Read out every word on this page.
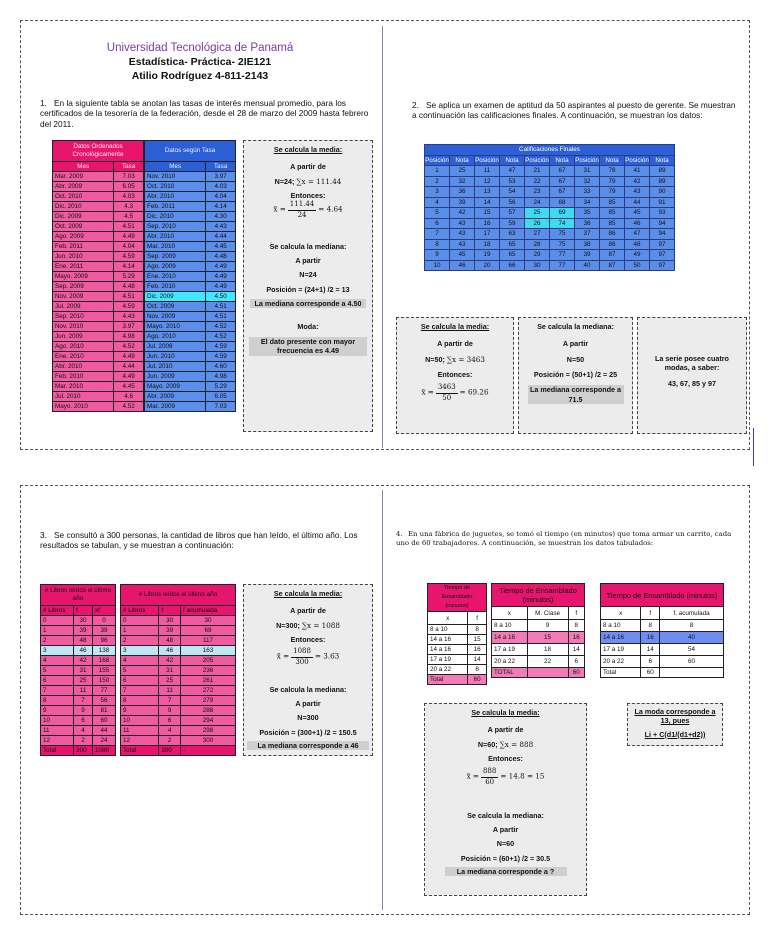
Universidad Tecnológica de Panamá
Estadística- Práctica- 2IE121
Atilio Rodríguez 4-811-2143
1. En la siguiente tabla se anotan las tasas de interés mensual promedio, para los certificados de la tesorería de la federación, desde el 28 de marzo del 2009 hasta febrero del 2011.
Datos Ordenados Cronológicamente	
Mes	Tasa
Mar. 2009	7.03
Abr. 2009	6.05
Oct. 2010	4.03
Dic. 2010	4.3
Dic. 2009	4.5
Oct. 2009	4.51
Ago. 2009	4.49
Feb. 2011	4.04
Jun. 2010	4.59
Ene. 2011	4.14
Mayo. 2009	5.29
Sep. 2009	4.48
Nov. 2009	4.51
Jul. 2009	4.59
Sep. 2010	4.43
Nov. 2010	3.97
Jun. 2009	4.98
Ago. 2010	4.52
Ene. 2010	4.49
Abr. 2010	4.44
Feb. 2010	4.49
Mar. 2010	4.45
Jul. 2010	4.6
Mayo. 2010	4.52
Datos según Tasa	
Mes	Tasa
Nov. 2010	3.97
Oct. 2010	4.03
Abr. 2010	4.04
Feb. 2011	4.14
Dic. 2010	4.30
Sep. 2010	4.43
Abr. 2010	4.44
Mar. 2010	4.45
Sep. 2009	4.48
Ago. 2009	4.49
Ene. 2010	4.49
Feb. 2010	4.49
Dic. 2009	4.50
Oct. 2009	4.51
Nov. 2009	4.51
Mayo. 2010	4.52
Ago. 2010	4.52
Jul. 2009	4.59
Jun. 2010	4.59
Jul. 2010	4.60
Jun. 2009	4.98
Mayo. 2009	5.29
Abr. 2009	6.05
Mar. 2009	7.03
Se calcula la media:
A partir de
N=24; ∑x = 111.44
Entonces:
x̄ = $\frac{111.44}{24} = 4.64$
Se calcula la mediana:
A partir
N=24
Posición = (24+1) /2 = 13
La mediana corresponde a 4.50
Moda:
El dato presente con mayor frecuencia es 4.49
2. Se aplica un examen de aptitud da 50 aspirantes al puesto de gerente. Se muestran a continuación las calificaciones finales. A continuación, se muestran los datos:
Calificaciones Finales									
Posición	Nota	Posición	Nota	Posición	Nota	Posición	Nota	Posición	Nota
1	25	11	47	21	67	31	78	41	89
2	32	12	53	22	67	32	79	42	89
3	36	13	54	23	67	33	79	43	90
4	39	14	56	24	68	34	85	44	91
5	42	15	57	25	69	35	85	45	93
6	43	16	59	26	74	36	85	46	94
7	43	17	63	27	75	37	86	47	94
8	43	18	65	28	75	38	86	48	97
9	45	19	65	29	77	39	87	49	97
10	46	20	66	30	77	40	87	50	97
Se calcula la media:
A partir de
N=50; ∑x = 3463
Entonces:
x̄ = $\frac{3463}{50} = 69.26$
Se calcula la mediana:
A partir
N=50
Posición = (50+1) /2 = 25
La mediana corresponde a 71.5
La serie posee cuatro modas, a saber:
43, 67, 85 y 97
3. Se consultó a 300 personas, la cantidad de libros que han leído, el último año. Los resultados se tabulan, y se muestran a continuación:
# Libros leídos el último año		
# Libros	f	xf
0	30	0
1	39	39
2	48	96
3	46	138
4	42	168
5	31	155
6	25	150
7	11	77
8	7	56
9	9	81
10	6	60
11	4	44
12	2	24
Total	300	1088
# Libros leídos el último año		
# Libros	f	f acumulada
0	30	30
1	39	69
2	48	117
3	46	163
4	42	205
5	31	236
6	25	261
7	11	272
8	7	279
9	9	288
10	6	294
11	4	298
12	2	300
Total	300	-
Se calcula la media:
A partir de
N=300; ∑x = 1088
Entonces:
x̄ = $\frac{1088}{300} = 3.63$
Se calcula la mediana:
A partir
N=300
Posición = (300+1) /2 = 150.5
La mediana corresponde a 46
4. En una fábrica de juguetes, se tomó el tiempo (en minutos) que toma armar un carrito, cada uno de 60 trabajadores. A continuación, se muestran los datos tabulados:
Tiempo de Ensamblado (minutos)	
x	f
8 a 10	8
14 a 16	15
14 a 16	16
17 a 19	14
20 a 22	6
Total	60
Tiempo de Ensamblado (minutos)		
x	M. Clase	f
8 a 10	9	8
14 a 16	15	16
17 a 19	18	14
20 a 22	22	6
TOTAL		60
Tiempo de Ensamblado (minutos)		
x	f	f. acumulada
8 a 10	8	8
14 a 16	16	40
17 a 19	14	54
20 a 22	6	60
Total	60	
Se calcula la media:
A partir de
N=60; ∑x = 888
Entonces:
x̄ = $\frac{888}{60} = 14.8 = 15$
Se calcula la mediana:
A partir
N=60
Posición = (60+1) /2 = 30.5
La mediana corresponde a ?
La moda corresponde a 13, pues
Li + C(d1/(d1+d2))
